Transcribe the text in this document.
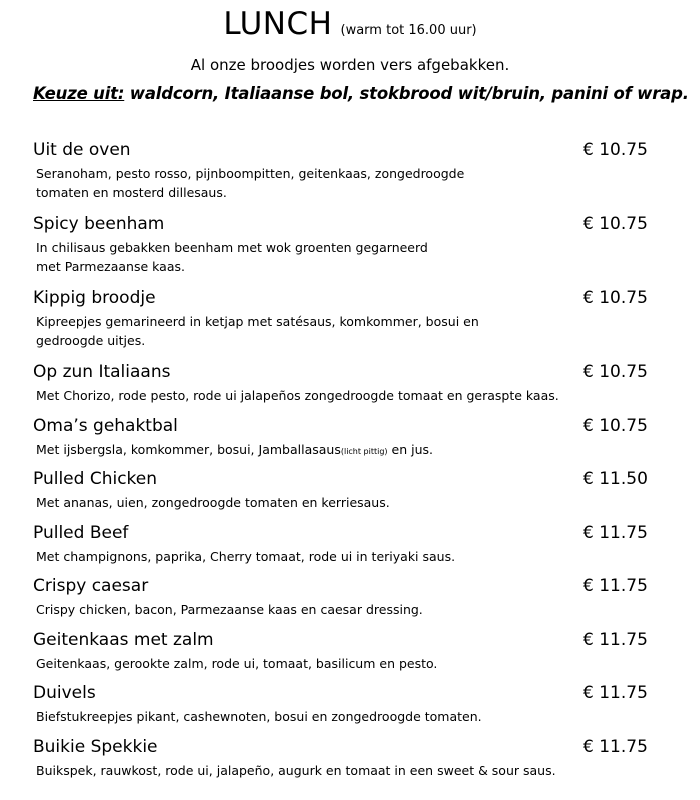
LUNCH (warm tot 16.00 uur)
Al onze broodjes worden vers afgebakken.
Keuze uit: waldcorn, Italiaanse bol, stokbrood wit/bruin, panini of wrap.
Uit de oven	€ 10.75
Seranoham, pesto rosso, pijnboompitten, geitenkaas, zongedroogde
tomaten en mosterd dillesaus.
Spicy beenham	€ 10.75
In chilisaus gebakken beenham met wok groenten gegarneerd
met Parmezaanse kaas.
Kippig broodje	€ 10.75
Kipreepjes gemarineerd in ketjap met satésaus, komkommer, bosui en
gedroogde uitjes.
Op zun Italiaans	€ 10.75
Met Chorizo, rode pesto, rode ui jalapeños zongedroogde tomaat en geraspte kaas.
Oma’s gehaktbal	€ 10.75
Met ijsbergsla, komkommer, bosui, Jamballasaus(licht pittig) en jus.
Pulled Chicken	€ 11.50
Met ananas, uien, zongedroogde tomaten en kerriesaus.
Pulled Beef	€ 11.75
Met champignons, paprika, Cherry tomaat, rode ui in teriyaki saus.
Crispy caesar	€ 11.75
Crispy chicken, bacon, Parmezaanse kaas en caesar dressing.
Geitenkaas met zalm	€ 11.75
Geitenkaas, gerookte zalm, rode ui, tomaat, basilicum en pesto.
Duivels	€ 11.75
Biefstukreepjes pikant, cashewnoten, bosui en zongedroogde tomaten.
Buikie Spekkie	€ 11.75
Buikspek, rauwkost, rode ui, jalapeño, augurk en tomaat in een sweet & sour saus.
